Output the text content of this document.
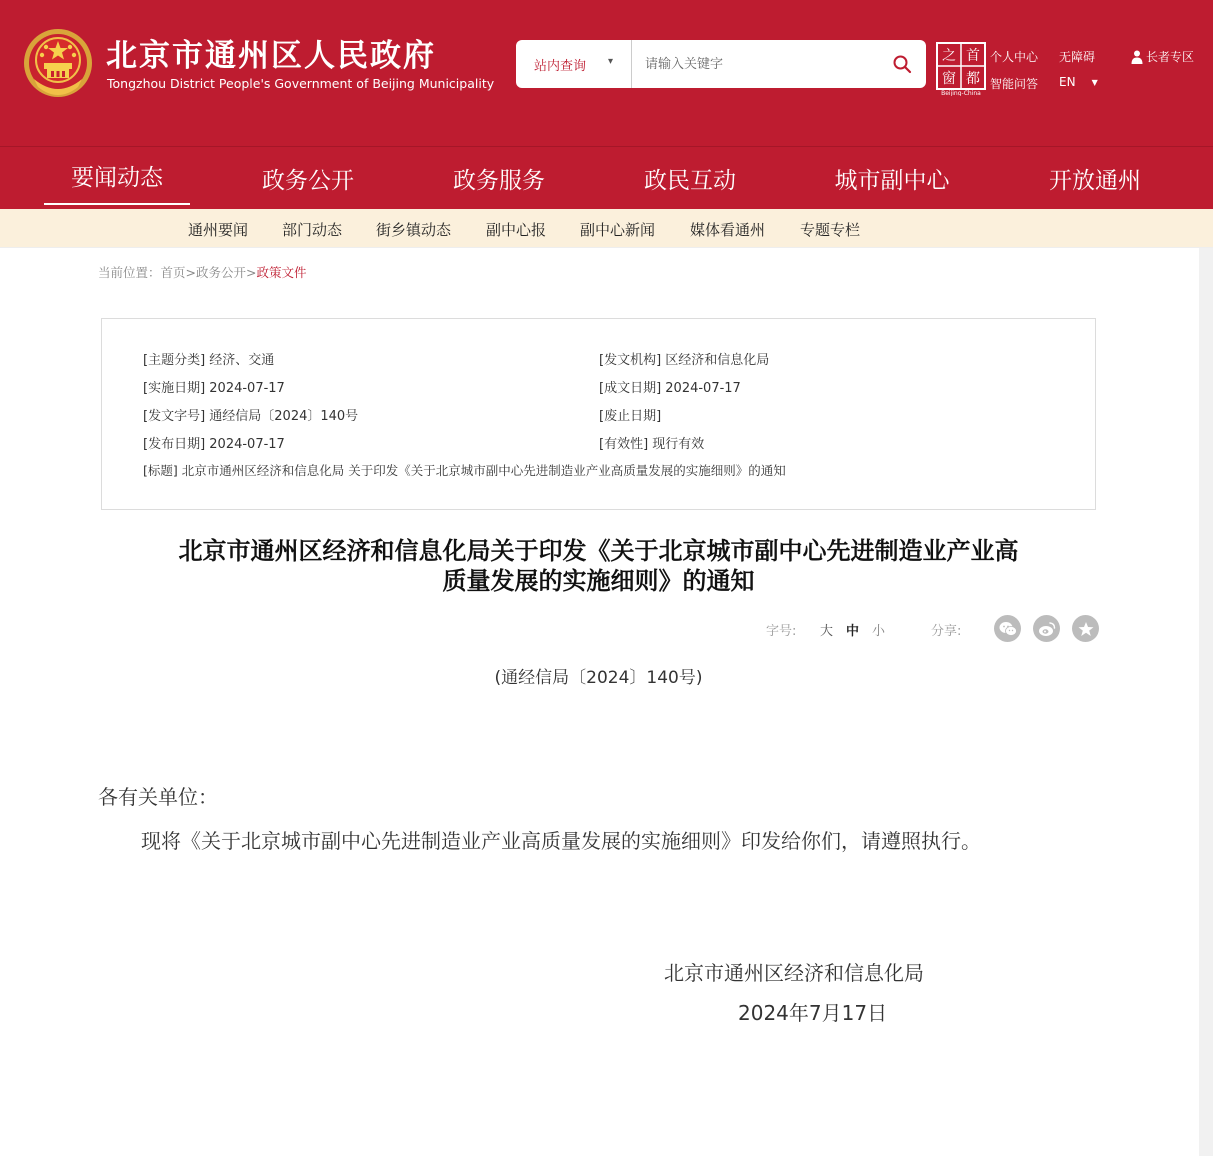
北京市通州区人民政府
Tongzhou District People's Government of Beijing Municipality
站内查询 ▾
请输入关键字	之 首
窗 都
Beijing-China
个人中心
智能问答
无障碍
EN ▼
长者专区
要闻动态	政务公开	政务服务	政民互动	城市副中心	开放通州
通州要闻 部门动态 街乡镇动态 副中心报 副中心新闻 媒体看通州 专题专栏
当前位置：首页>政务公开>政策文件
[主题分类] 经济、交通	[发文机构] 区经济和信息化局
[实施日期] 2024-07-17	[成文日期] 2024-07-17
[发文字号] 通经信局〔2024〕140号	[废止日期]
[发布日期] 2024-07-17	[有效性] 现行有效
[标题] 北京市通州区经济和信息化局 关于印发《关于北京城市副中心先进制造业产业高质量发展的实施细则》的通知
北京市通州区经济和信息化局关于印发《关于北京城市副中心先进制造业产业高
质量发展的实施细则》的通知
字号: 大 中 小	分享:
(通经信局〔2024〕140号)
各有关单位：
现将《关于北京城市副中心先进制造业产业高质量发展的实施细则》印发给你们，请遵照执行。
北京市通州区经济和信息化局
2024年7月17日
